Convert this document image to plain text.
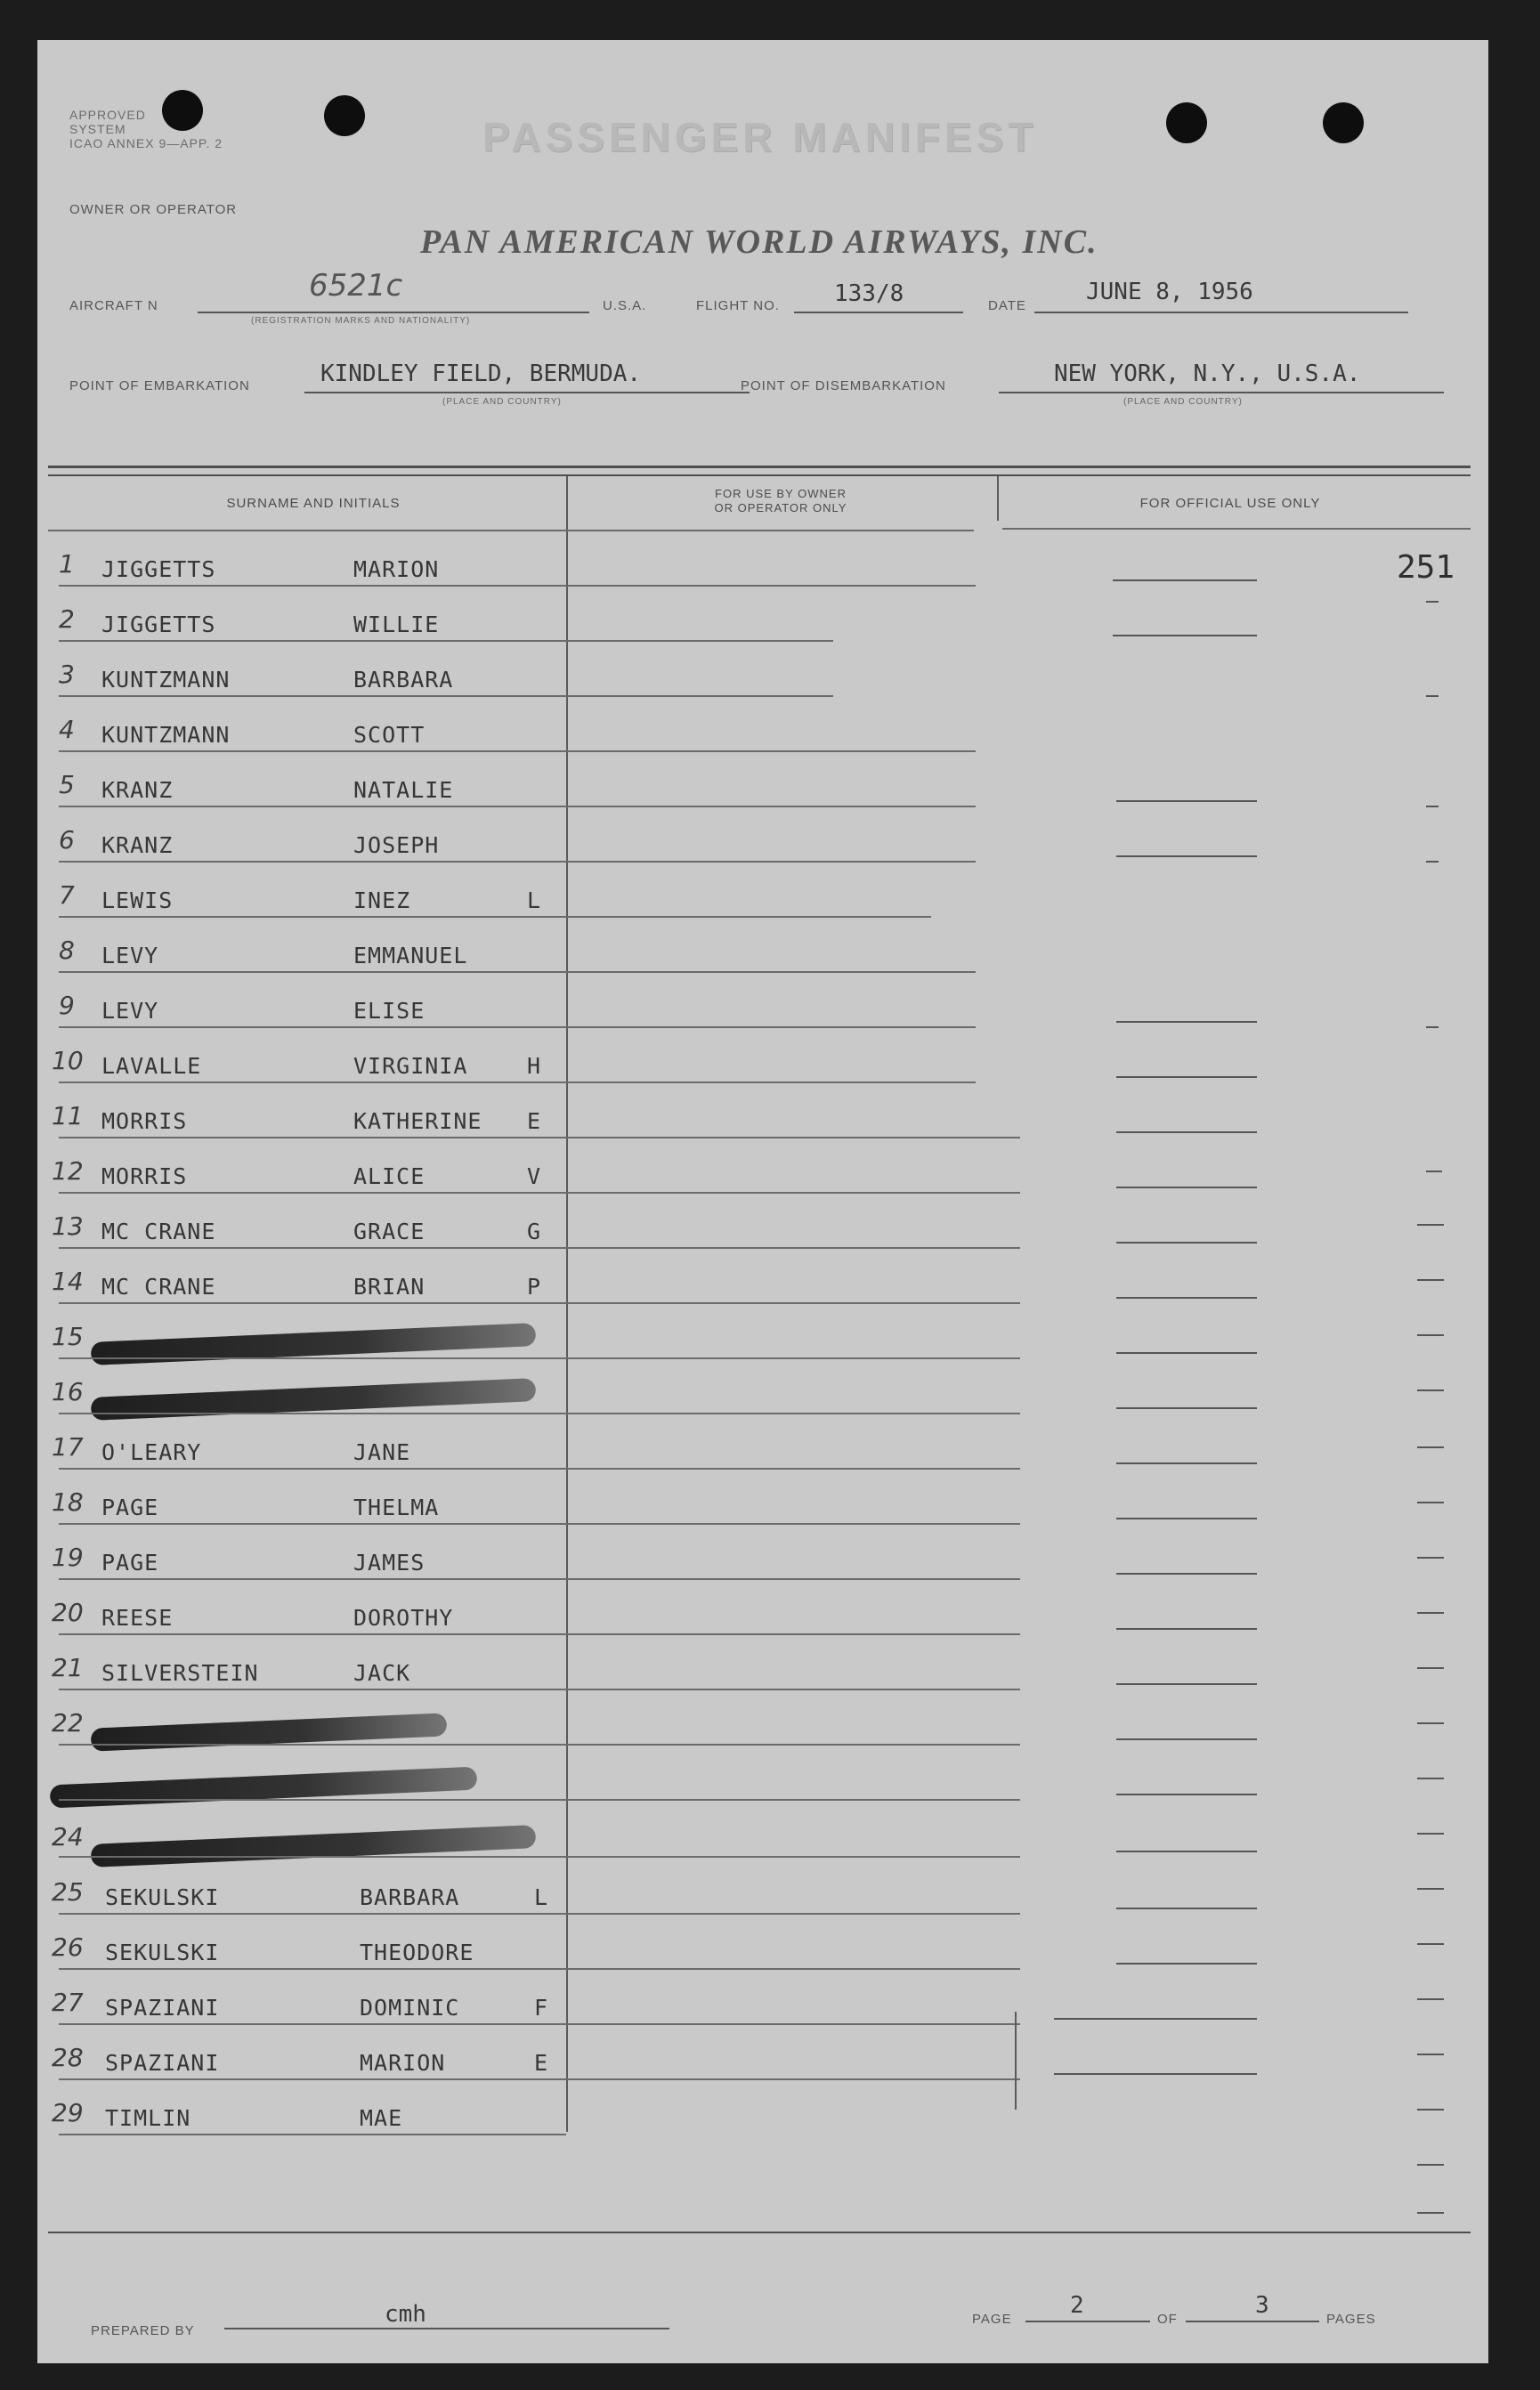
APPROVED
SYSTEM
ICAO ANNEX 9—APP. 2	PASSENGER MANIFEST
OWNER OR OPERATOR
PAN AMERICAN WORLD AIRWAYS, INC.
AIRCRAFT N
6521c
(REGISTRATION MARKS AND NATIONALITY)
U.S.A.	FLIGHT NO. 133/8	DATE
JUNE 8, 1956
POINT OF EMBARKATION	KINDLEY FIELD, BERMUDA.
(PLACE AND COUNTRY)
POINT OF DISEMBARKATION	NEW YORK, N.Y., U.S.A.
(PLACE AND COUNTRY)
SURNAME AND INITIALS
FOR USE BY OWNER
OR OPERATOR ONLY	FOR OFFICIAL USE ONLY
251
1 JIGGETTS	MARION
2 JIGGETTS	WILLIE
3 KUNTZMANN	BARBARA
4 KUNTZMANN	SCOTT
5 KRANZ	NATALIE
6 KRANZ	JOSEPH
7 LEWIS	INEZ	L
8 LEVY	EMMANUEL
9 LEVY	ELISE
10 LAVALLE	VIRGINIA	H
11 MORRIS	KATHERINE E
12 MORRIS	ALICE	V
13 MC CRANE	GRACE	G
14 MC CRANE	BRIAN	P
15
16
17 O'LEARY	JANE
18 PAGE	THELMA
19 PAGE	JAMES
20 REESE	DOROTHY
21 SILVERSTEIN	JACK
22
24
25 SEKULSKI	BARBARA	L
26 SEKULSKI	THEODORE
27 SPAZIANI	DOMINIC	F
28 SPAZIANI	MARION	E
29 TIMLIN	MAE
PREPARED BY
cmh	PAGE
2
OF
3
PAGES
